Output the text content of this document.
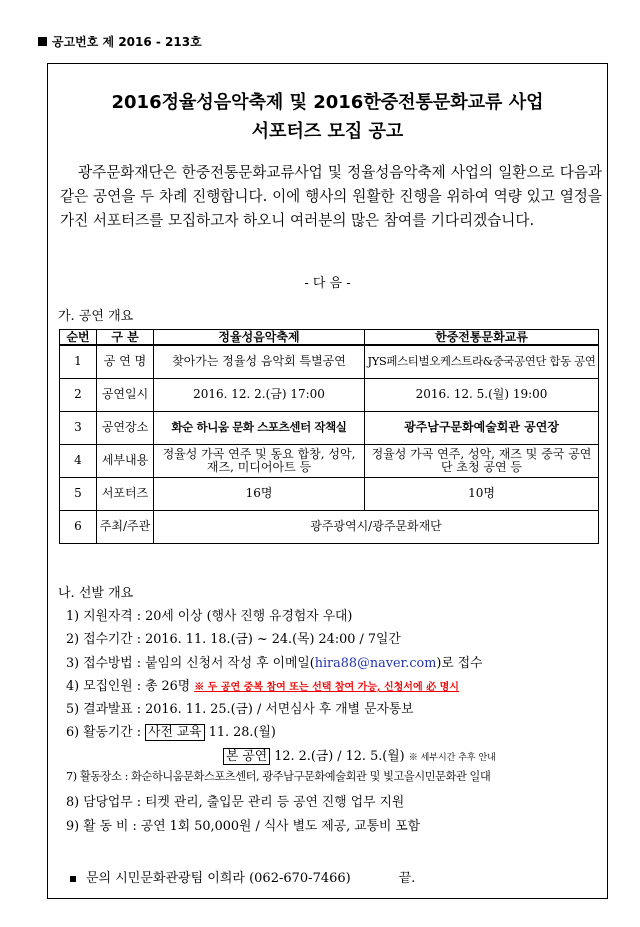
공고번호 제 2016 - 213호
2016정율성음악축제 및 2016한중전통문화교류 사업
서포터즈 모집 공고
광주문화재단은 한중전통문화교류사업 및 정율성음악축제 사업의 일환으로 다음과 같은 공연을 두 차례 진행합니다. 이에 행사의 원활한 진행을 위하여 역량 있고 열정을 가진 서포터즈를 모집하고자 하오니 여러분의 많은 참여를 기다리겠습니다.
- 다 음 -
가. 공연 개요
순번	구 분	정율성음악축제	한중전통문화교류
1	공 연 명	찾아가는 정율성 음악회 특별공연	JYS페스티벌오케스트라&중국공연단 합동 공연
2	공연일시	2016. 12. 2.(금) 17:00	2016. 12. 5.(월) 19:00
3	공연장소	화순 하니움 문화 스포츠센터 작책실	광주남구문화예술회관 공연장
4	세부내용	정율성 가곡 연주 및 동요 합창, 성악, 재즈, 미디어아트 등	정율성 가곡 연주, 성악, 재즈 및 중국 공연단 초청 공연 등
5	서포터즈	16명	10명
6	주최/주관	광주광역시/광주문화재단	
나. 선발 개요
1) 지원자격 : 20세 이상 (행사 진행 유경험자 우대)
2) 접수기간 : 2016. 11. 18.(금) ~ 24.(목) 24:00 / 7일간
3) 접수방법 : 붙임의 신청서 작성 후 이메일(hira88@naver.com)로 접수
4) 모집인원 : 총 26명 ※ 두 공연 중복 참여 또는 선택 참여 가능, 신청서에 必 명시
5) 결과발표 : 2016. 11. 25.(금) / 서면심사 후 개별 문자통보
6) 활동기간 : 사전 교육 11. 28.(월)
본 공연 12. 2.(금) / 12. 5.(월) ※ 세부시간 추후 안내
7) 활동장소 : 화순하니움문화스포츠센터, 광주남구문화예술회관 및 빛고을시민문화관 일대
8) 담당업무 : 티켓 관리, 출입문 관리 등 공연 진행 업무 지원
9) 활 동 비 : 공연 1회 50,000원 / 식사 별도 제공, 교통비 포함
문의 시민문화관광팀 이희라 (062-670-7466)	끝.
